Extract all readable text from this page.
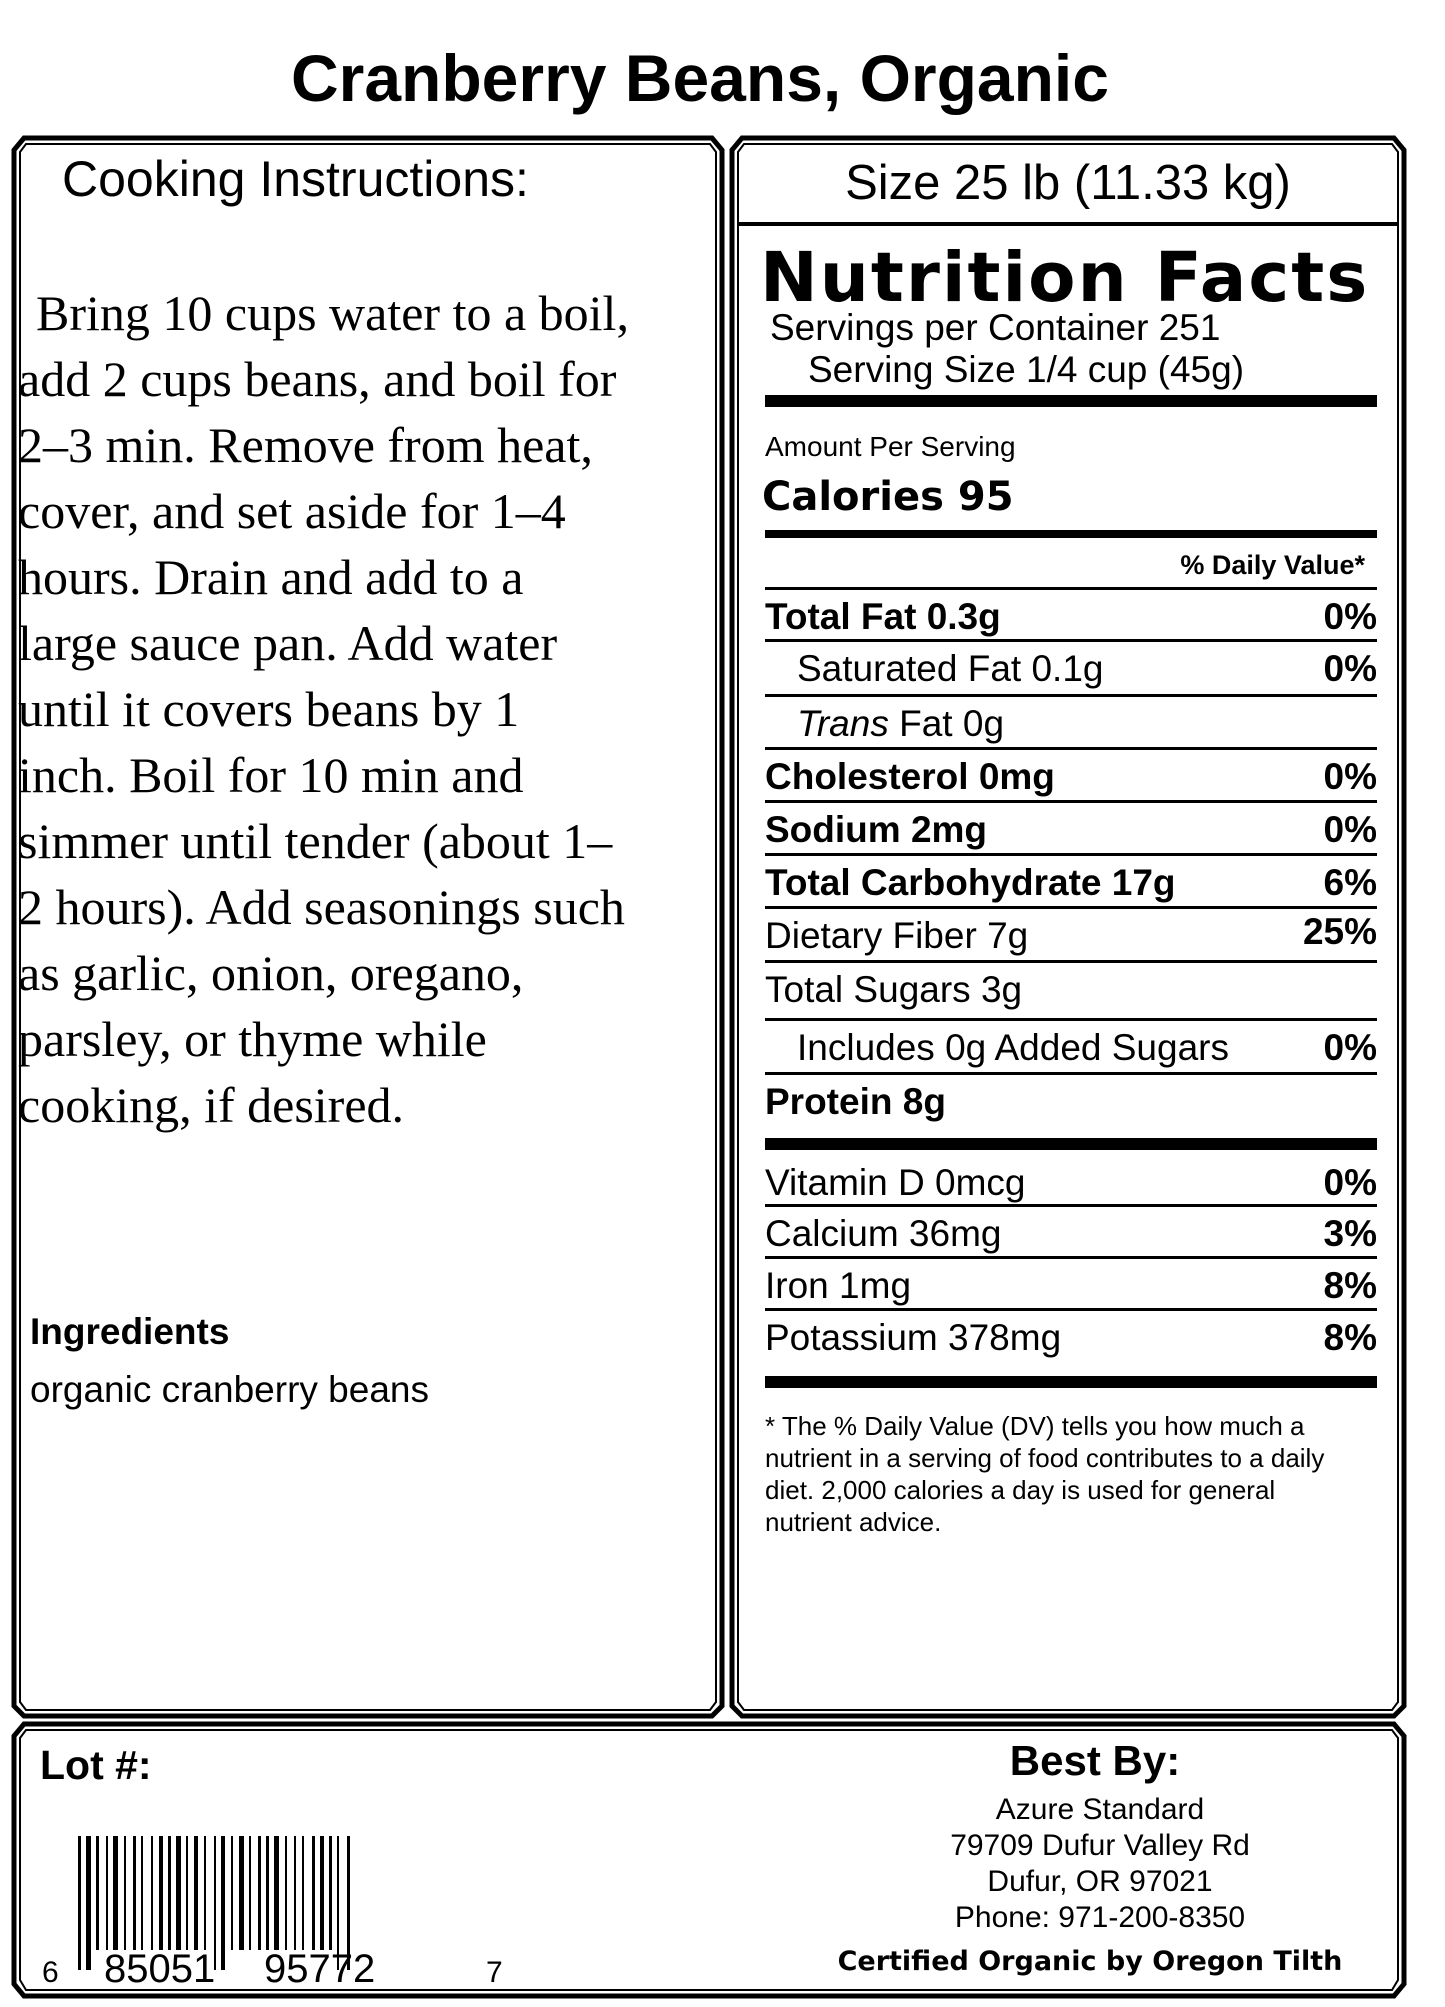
Cranberry Beans, Organic
Cooking Instructions:
Bring 10 cups water to a boil,
add 2 cups beans, and boil for
2–3 min. Remove from heat,
cover, and set aside for 1–4
hours. Drain and add to a
large sauce pan. Add water
until it covers beans by 1
inch. Boil for 10 min and
simmer until tender (about 1–
2 hours). Add seasonings such
as garlic, onion, oregano,
parsley, or thyme while
cooking, if desired.
Ingredients
organic cranberry beans
Size 25 lb (11.33 kg)
Nutrition Facts
Servings per Container 251
Serving Size 1/4 cup (45g)
Amount Per Serving
Calories 95
% Daily Value*
Total Fat 0.3g	0%
Saturated Fat 0.1g	0%
Trans Fat 0g
Cholesterol 0mg	0%
Sodium 2mg	0%
Total Carbohydrate 17g	6%
Dietary Fiber 7g	25%
Total Sugars 3g
Includes 0g Added Sugars	0%
Protein 8g
Vitamin D 0mcg	0%
Calcium 36mg	3%
Iron 1mg	8%
Potassium 378mg	8%
* The % Daily Value (DV) tells you how much a nutrient in a serving of food contributes to a daily diet. 2,000 calories a day is used for general nutrient advice.
Lot #:
6 85051 95772	7
Best By:
Azure Standard
79709 Dufur Valley Rd
Dufur, OR 97021
Phone: 971-200-8350
Certified Organic by Oregon Tilth
